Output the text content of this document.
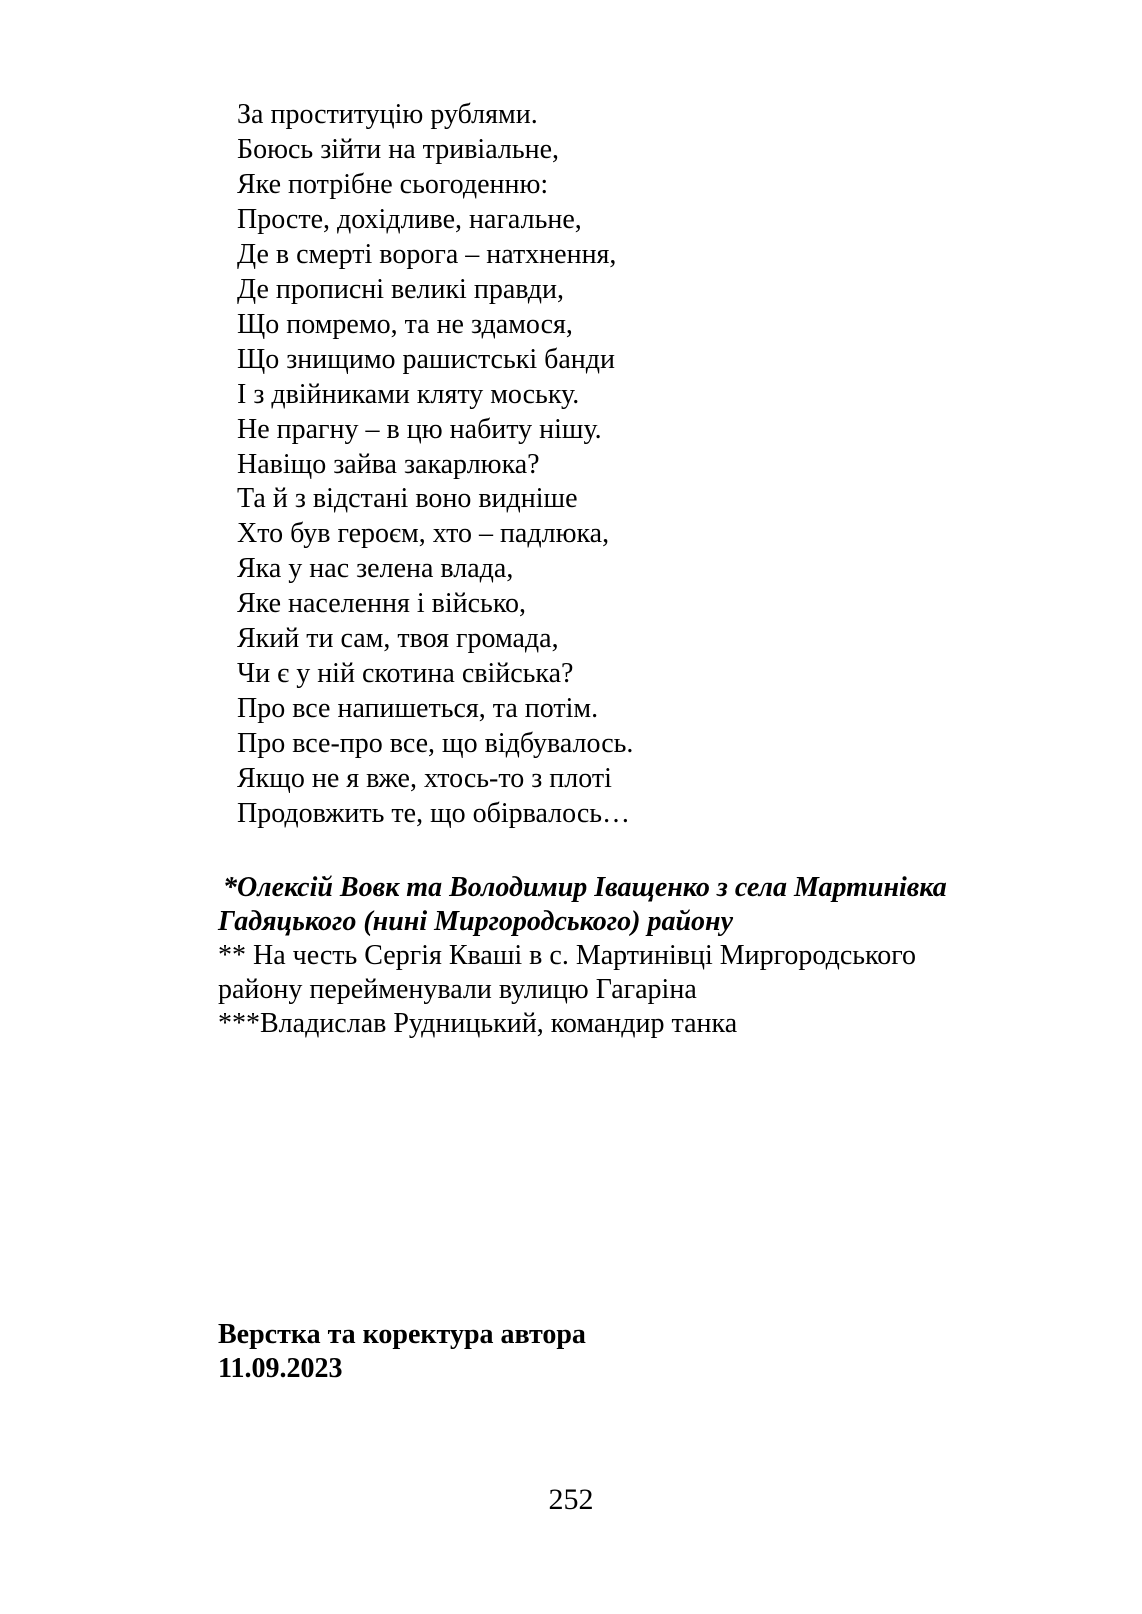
За проституцію рублями.
Боюсь зійти на тривіальне,
Яке потрібне сьогоденню:
Просте, дохідливе, нагальне,
Де в смерті ворога – натхнення,
Де прописні великі правди,
Що помремо, та не здамося,
Що знищимо рашистські банди
І з двійниками кляту моську.
Не прагну – в цю набиту нішу.
Навіщо зайва закарлюка?
Та й з відстані воно видніше
Хто був героєм, хто – падлюка,
Яка у нас зелена влада,
Яке населення і військо,
Який ти сам, твоя громада,
Чи є у ній скотина свійська?
Про все напишеться, та потім.
Про все-про все, що відбувалось.
Якщо не я вже, хтось-то з плоті
Продовжить те, що обірвалось…

*Олексій Вовк та Володимир Іващенко з села Мартинівка

Гадяцького (нині Миргородського) району

** На честь Сергія Кваші в с. Мартинівці Миргородського

району перейменували вулицю Гагаріна

***Владислав Рудницький, командир танка

Верстка та коректура автора

11.09.2023

252
